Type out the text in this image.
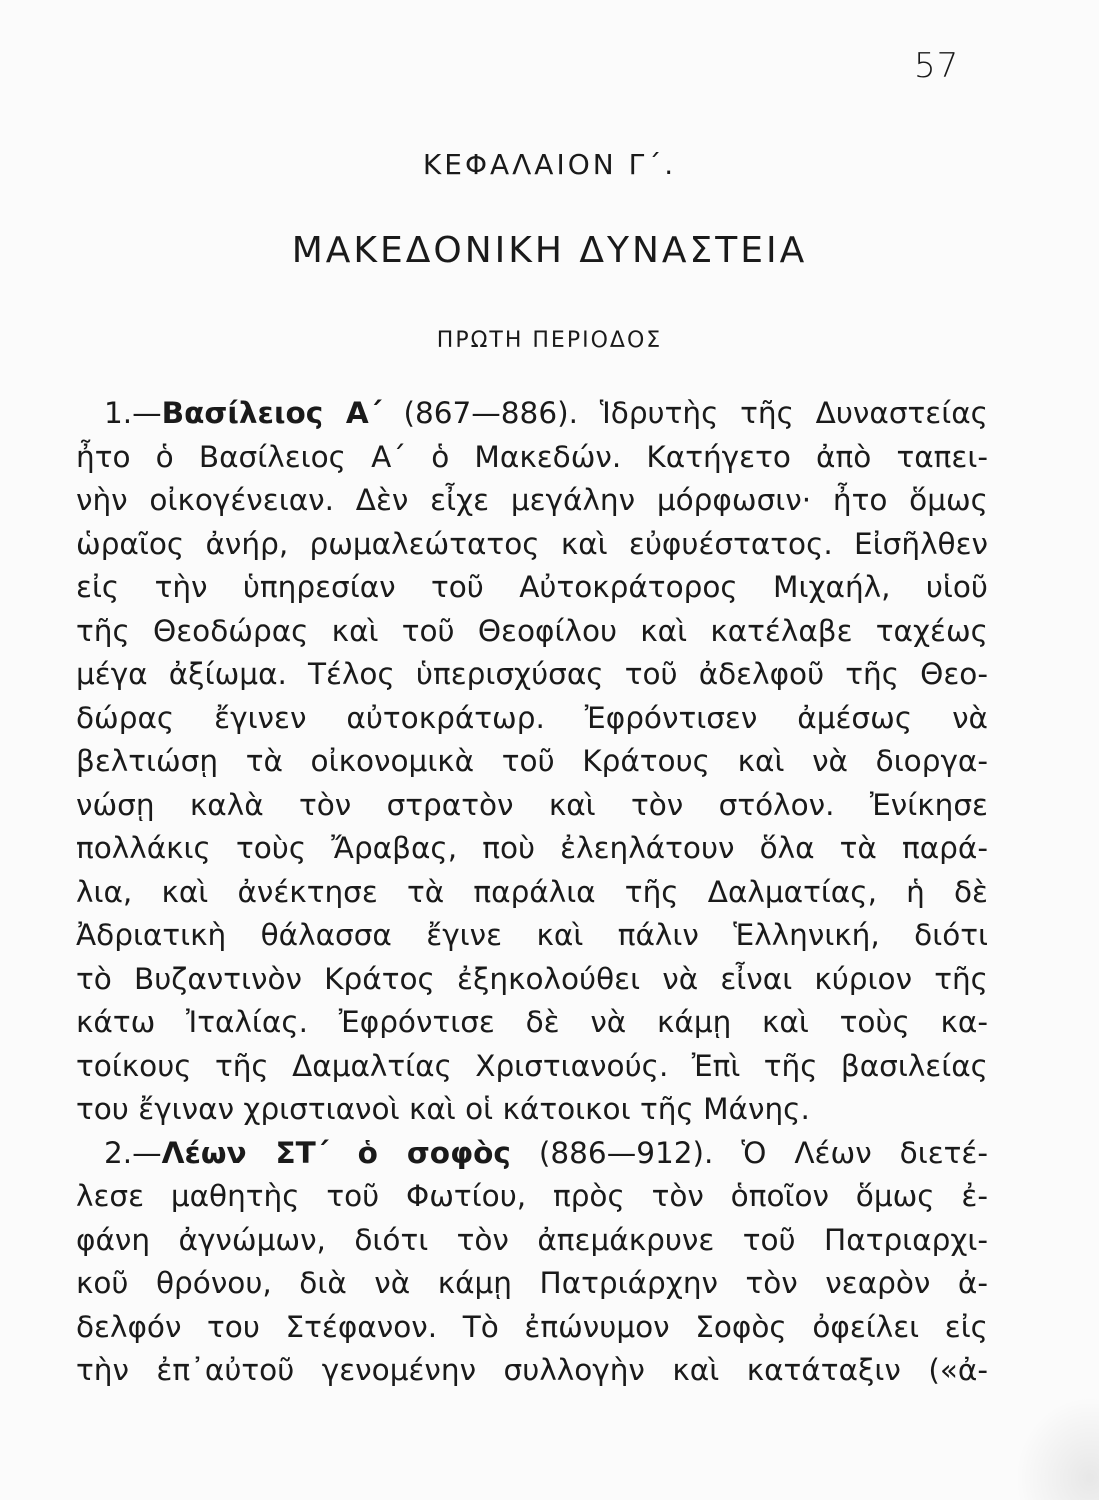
57
ΚΕΦΑΛΑΙΟΝ Γ΄.
ΜΑΚΕΔΟΝΙΚΗ ΔΥΝΑΣΤΕΙΑ
ΠΡΩΤΗ ΠΕΡΙΟΔΟΣ
1.—Βασίλειος Α΄ (867—886). Ἱδρυτὴς τῆς Δυναστείας
ἦτο ὁ Βασίλειος Α΄ ὁ Μακεδών. Κατήγετο ἀπὸ ταπει-
νὴν οἰκογένειαν. Δὲν εἶχε μεγάλην μόρφωσιν· ἦτο ὅμως
ὡραῖος ἀνήρ, ρωμαλεώτατος καὶ εὐφυέστατος. Εἰσῆλθεν
εἰς τὴν ὑπηρεσίαν τοῦ Αὐτοκράτορος Μιχαήλ, υἱοῦ
τῆς Θεοδώρας καὶ τοῦ Θεοφίλου καὶ κατέλαβε ταχέως
μέγα ἀξίωμα. Τέλος ὑπερισχύσας τοῦ ἀδελφοῦ τῆς Θεο-
δώρας ἔγινεν αὐτοκράτωρ. Ἐφρόντισεν ἀμέσως νὰ
βελτιώσῃ τὰ οἰκονομικὰ τοῦ Κράτους καὶ νὰ διοργα-
νώσῃ καλὰ τὸν στρατὸν καὶ τὸν στόλον. Ἐνίκησε
πολλάκις τοὺς Ἄραβας, ποὺ ἐλεηλάτουν ὅλα τὰ παρά-
λια, καὶ ἀνέκτησε τὰ παράλια τῆς Δαλματίας, ἡ δὲ
Ἀδριατικὴ θάλασσα ἔγινε καὶ πάλιν Ἑλληνική, διότι
τὸ Βυζαντινὸν Κράτος ἐξηκολούθει νὰ εἶναι κύριον τῆς
κάτω Ἰταλίας. Ἐφρόντισε δὲ νὰ κάμῃ καὶ τοὺς κα-
τοίκους τῆς Δαμαλτίας Χριστιανούς. Ἐπὶ τῆς βασιλείας
του ἔγιναν χριστιανοὶ καὶ οἱ κάτοικοι τῆς Μάνης.
2.—Λέων ΣΤ΄ ὁ σοφὸς (886—912). Ὁ Λέων διετέ-
λεσε μαθητὴς τοῦ Φωτίου, πρὸς τὸν ὁποῖον ὅμως ἐ-
φάνη ἀγνώμων, διότι τὸν ἀπεμάκρυνε τοῦ Πατριαρχι-
κοῦ θρόνου, διὰ νὰ κάμῃ Πατριάρχην τὸν νεαρὸν ἀ-
δελφόν του Στέφανον. Τὸ ἐπώνυμον Σοφὸς ὀφείλει εἰς
τὴν ἐπ᾿αὐτοῦ γενομένην συλλογὴν καὶ κατάταξιν («ἀ-
